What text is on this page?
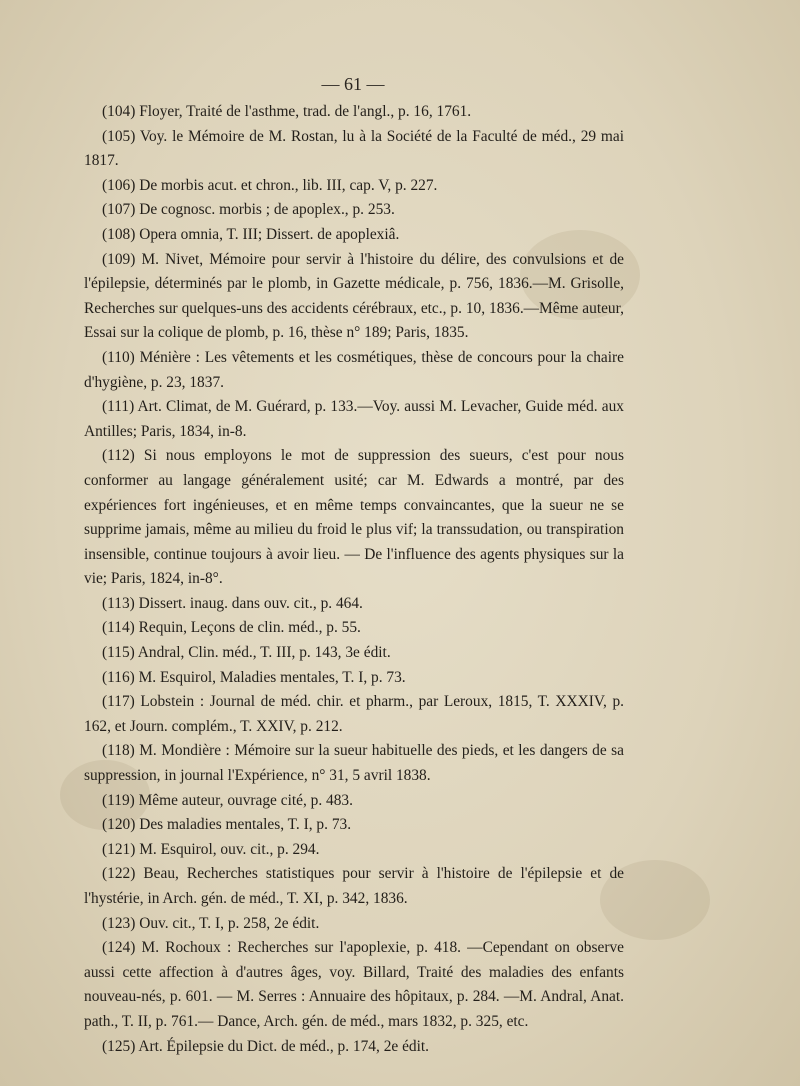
— 61 —

(104) Floyer, Traité de l'asthme, trad. de l'angl., p. 16, 1761.

(105) Voy. le Mémoire de M. Rostan, lu à la Société de la Faculté de méd., 29 mai 1817.

(106) De morbis acut. et chron., lib. III, cap. V, p. 227.

(107) De cognosc. morbis ; de apoplex., p. 253.

(108) Opera omnia, T. III; Dissert. de apoplexiâ.

(109) M. Nivet, Mémoire pour servir à l'histoire du délire, des convulsions et de l'épilepsie, déterminés par le plomb, in Gazette médicale, p. 756, 1836.—M. Grisolle, Recherches sur quelques-uns des accidents cérébraux, etc., p. 10, 1836.—Même auteur, Essai sur la colique de plomb, p. 16, thèse n° 189; Paris, 1835.

(110) Ménière : Les vêtements et les cosmétiques, thèse de concours pour la chaire d'hygiène, p. 23, 1837.

(111) Art. Climat, de M. Guérard, p. 133.—Voy. aussi M. Levacher, Guide méd. aux Antilles; Paris, 1834, in-8.

(112) Si nous employons le mot de suppression des sueurs, c'est pour nous conformer au langage généralement usité; car M. Edwards a montré, par des expériences fort ingénieuses, et en même temps convaincantes, que la sueur ne se supprime jamais, même au milieu du froid le plus vif; la transsudation, ou transpiration insensible, continue toujours à avoir lieu. — De l'influence des agents physiques sur la vie; Paris, 1824, in-8°.

(113) Dissert. inaug. dans ouv. cit., p. 464.

(114) Requin, Leçons de clin. méd., p. 55.

(115) Andral, Clin. méd., T. III, p. 143, 3e édit.

(116) M. Esquirol, Maladies mentales, T. I, p. 73.

(117) Lobstein : Journal de méd. chir. et pharm., par Leroux, 1815, T. XXXIV, p. 162, et Journ. complém., T. XXIV, p. 212.

(118) M. Mondière : Mémoire sur la sueur habituelle des pieds, et les dangers de sa suppression, in journal l'Expérience, n° 31, 5 avril 1838.

(119) Même auteur, ouvrage cité, p. 483.

(120) Des maladies mentales, T. I, p. 73.

(121) M. Esquirol, ouv. cit., p. 294.

(122) Beau, Recherches statistiques pour servir à l'histoire de l'épilepsie et de l'hystérie, in Arch. gén. de méd., T. XI, p. 342, 1836.

(123) Ouv. cit., T. I, p. 258, 2e édit.

(124) M. Rochoux : Recherches sur l'apoplexie, p. 418. —Cependant on observe aussi cette affection à d'autres âges, voy. Billard, Traité des maladies des enfants nouveau-nés, p. 601. — M. Serres : Annuaire des hôpitaux, p. 284. —M. Andral, Anat. path., T. II, p. 761.— Dance, Arch. gén. de méd., mars 1832, p. 325, etc.

(125) Art. Épilepsie du Dict. de méd., p. 174, 2e édit.
